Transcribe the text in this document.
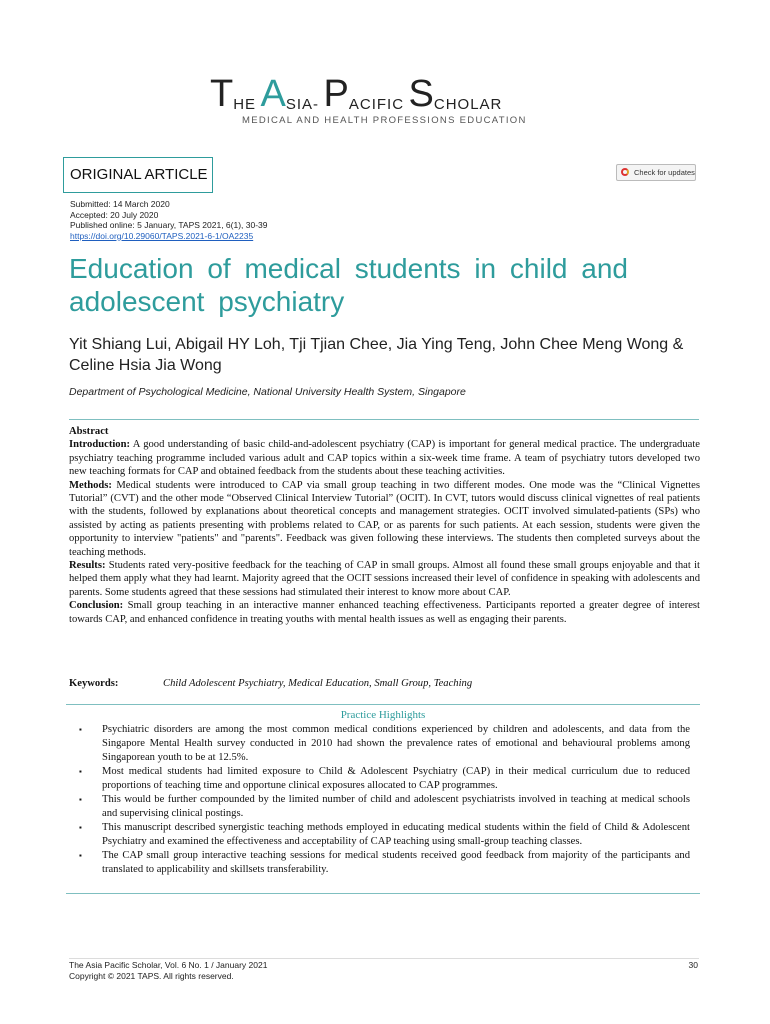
THE ASIA- PACIFIC SCHOLAR
MEDICAL AND HEALTH PROFESSIONS EDUCATION
ORIGINAL ARTICLE	Check for updates
Submitted: 14 March 2020
Accepted: 20 July 2020
Published online: 5 January, TAPS 2021, 6(1), 30-39
https://doi.org/10.29060/TAPS.2021-6-1/OA2235
Education of medical students in child and adolescent psychiatry
Yit Shiang Lui, Abigail HY Loh, Tji Tjian Chee, Jia Ying Teng, John Chee Meng Wong & Celine Hsia Jia Wong
Department of Psychological Medicine, National University Health System, Singapore

Abstract

Introduction: A good understanding of basic child-and-adolescent psychiatry (CAP) is important for general medical practice. The undergraduate psychiatry teaching programme included various adult and CAP topics within a six-week time frame. A team of psychiatry tutors developed two new teaching formats for CAP and obtained feedback from the students about these teaching activities.

Methods: Medical students were introduced to CAP via small group teaching in two different modes. One mode was the “Clinical Vignettes Tutorial” (CVT) and the other mode “Observed Clinical Interview Tutorial” (OCIT). In CVT, tutors would discuss clinical vignettes of real patients with the students, followed by explanations about theoretical concepts and management strategies. OCIT involved simulated-patients (SPs) who assisted by acting as patients presenting with problems related to CAP, or as parents for such patients. At each session, students were given the opportunity to interview "patients" and "parents". Feedback was given following these interviews. The students then completed surveys about the teaching methods.

Results: Students rated very-positive feedback for the teaching of CAP in small groups. Almost all found these small groups enjoyable and that it helped them apply what they had learnt. Majority agreed that the OCIT sessions increased their level of confidence in speaking with adolescents and parents. Some students agreed that these sessions had stimulated their interest to know more about CAP.

Conclusion: Small group teaching in an interactive manner enhanced teaching effectiveness. Participants reported a greater degree of interest towards CAP, and enhanced confidence in treating youths with mental health issues as well as engaging their parents.

Keywords:	Child Adolescent Psychiatry, Medical Education, Small Group, Teaching
Practice Highlights
▪ Psychiatric disorders are among the most common medical conditions experienced by children and adolescents, and data from the Singapore Mental Health survey conducted in 2010 had shown the prevalence rates of emotional and behavioural problems among Singaporean youth to be at 12.5%.
▪ Most medical students had limited exposure to Child & Adolescent Psychiatry (CAP) in their medical curriculum due to reduced proportions of teaching time and opportune clinical exposures allocated to CAP programmes.
▪ This would be further compounded by the limited number of child and adolescent psychiatrists involved in teaching at medical schools and supervising clinical postings.
▪ This manuscript described synergistic teaching methods employed in educating medical students within the field of Child & Adolescent Psychiatry and examined the effectiveness and acceptability of CAP teaching using small-group teaching classes.
▪ The CAP small group interactive teaching sessions for medical students received good feedback from majority of the participants and translated to applicability and skillsets transferability.
The Asia Pacific Scholar, Vol. 6 No. 1 / January 2021
Copyright © 2021 TAPS. All rights reserved.
30
